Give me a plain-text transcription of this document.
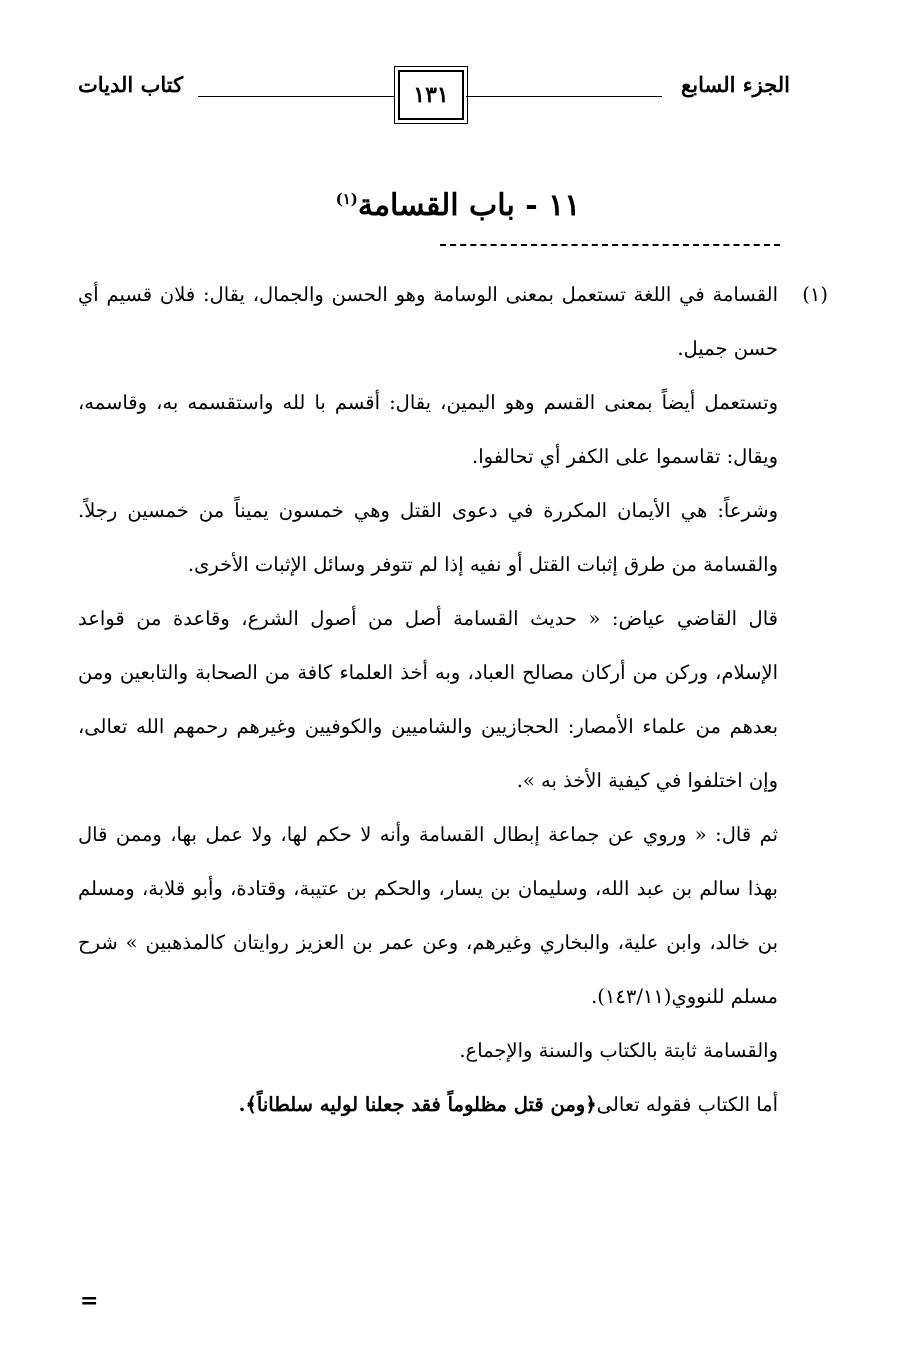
الجزء السابع
١٣١
كتاب الديات
١١ - باب القسامة$^{(١)}$

(١)
القسامة في اللغة تستعمل بمعنى الوسامة وهو الحسن والجمال، يقال: فلان قسيم أي حسن جميل.

وتستعمل أيضاً بمعنى القسم وهو اليمين، يقال: أقسم با لله واستقسمه به، وقاسمه، ويقال: تقاسموا على الكفر أي تحالفوا.

وشرعاً: هي الأيمان المكررة في دعوى القتل وهي خمسون يميناً من خمسين رجلاً. والقسامة من طرق إثبات القتل أو نفيه إذا لم تتوفر وسائل الإثبات الأخرى.

قال القاضي عياض: « حديث القسامة أصل من أصول الشرع، وقاعدة من قواعد الإسلام، وركن من أركان مصالح العباد، وبه أخذ العلماء كافة من الصحابة والتابعين ومن بعدهم من علماء الأمصار: الحجازيين والشاميين والكوفيين وغيرهم رحمهم الله تعالى، وإن اختلفوا في كيفية الأخذ به ».

ثم قال: « وروي عن جماعة إبطال القسامة وأنه لا حكم لها، ولا عمل بها، وممن قال بهذا سالم بن عبد الله، وسليمان بن يسار، والحكم بن عتيبة، وقتادة، وأبو قلابة، ومسلم بن خالد، وابن علية، والبخاري وغيرهم، وعن عمر بن العزيز روايتان كالمذهبين » شرح مسلم للنووي(١٤٣/١١).

والقسامة ثابتة بالكتاب والسنة والإجماع.

أما الكتاب فقوله تعالى﴿ومن قتل مظلوماً فقد جعلنا لوليه سلطاناً﴾.

=
